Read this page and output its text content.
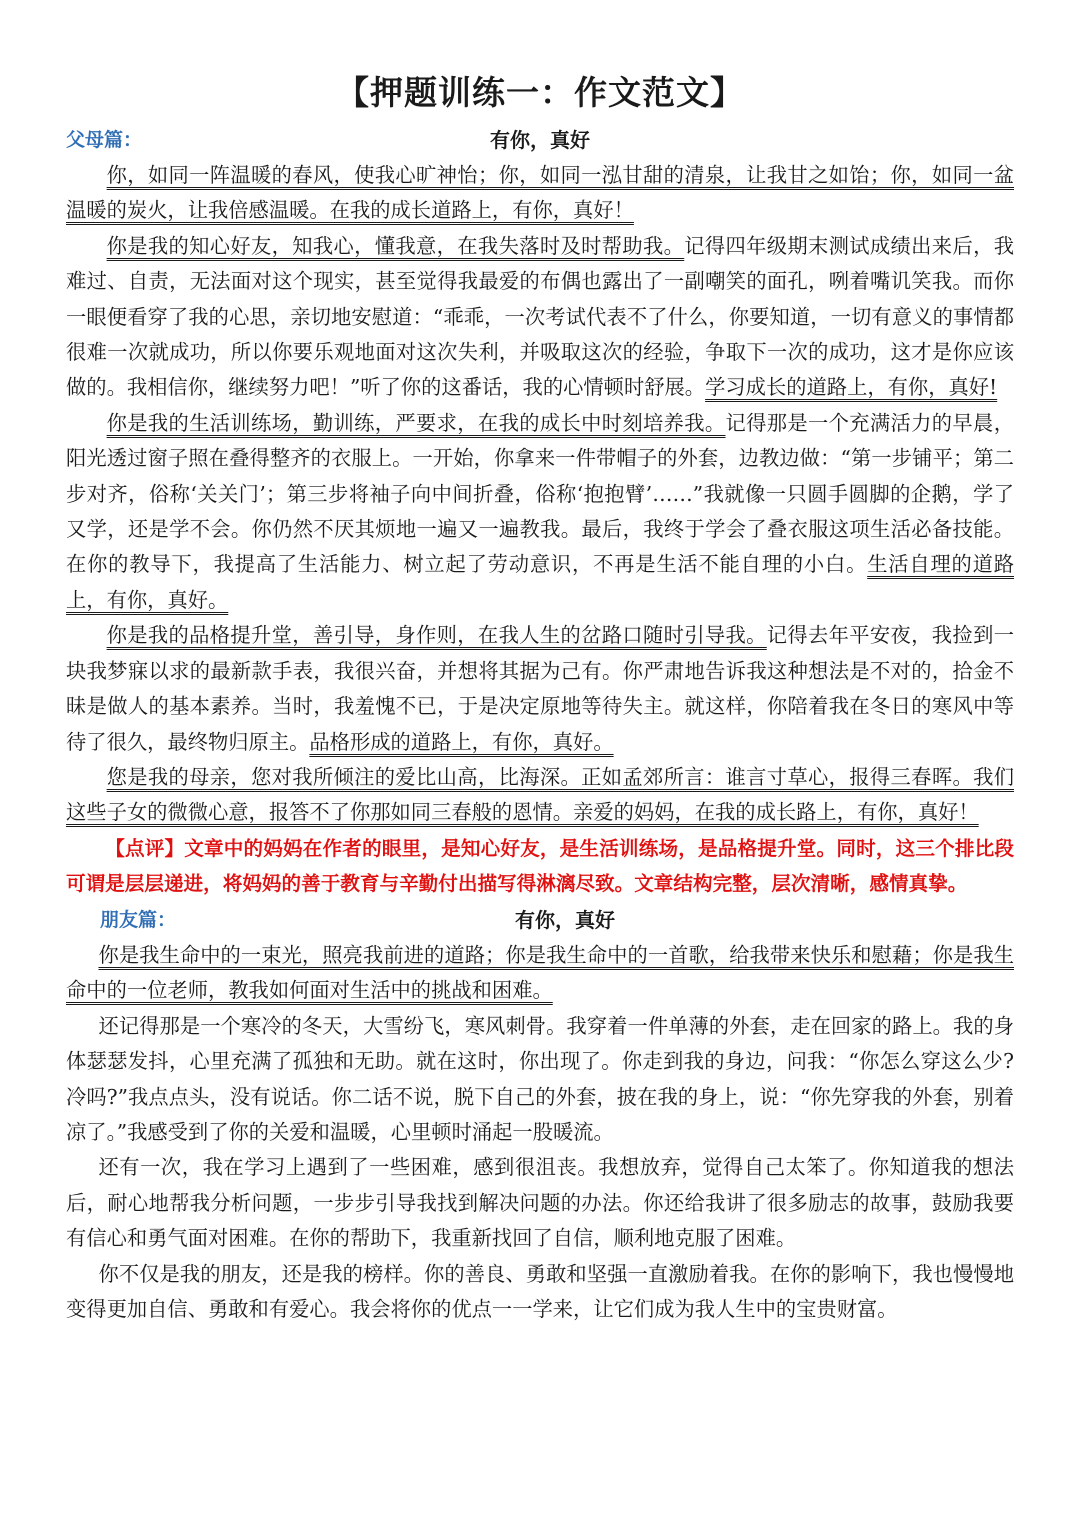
【押题训练一：作文范文】
父母篇：	有你，真好

你，如同一阵温暖的春风，使我心旷神怡；你，如同一泓甘甜的清泉，让我甘之如饴；你，如同一盆温暖的炭火，让我倍感温暖。在我的成长道路上，有你，真好！

你是我的知心好友，知我心，懂我意，在我失落时及时帮助我。记得四年级期末测试成绩出来后，我难过、自责，无法面对这个现实，甚至觉得我最爱的布偶也露出了一副嘲笑的面孔，咧着嘴讥笑我。而你一眼便看穿了我的心思，亲切地安慰道：“乖乖，一次考试代表不了什么，你要知道，一切有意义的事情都很难一次就成功，所以你要乐观地面对这次失利，并吸取这次的经验，争取下一次的成功，这才是你应该做的。我相信你，继续努力吧！”听了你的这番话，我的心情顿时舒展。学习成长的道路上，有你，真好!

你是我的生活训练场，勤训练，严要求，在我的成长中时刻培养我。记得那是一个充满活力的早晨，阳光透过窗子照在叠得整齐的衣服上。一开始，你拿来一件带帽子的外套，边教边做：“第一步铺平；第二步对齐，俗称‘关关门’；第三步将袖子向中间折叠，俗称‘抱抱臂’……”我就像一只圆手圆脚的企鹅，学了又学，还是学不会。你仍然不厌其烦地一遍又一遍教我。最后，我终于学会了叠衣服这项生活必备技能。在你的教导下，我提高了生活能力、树立起了劳动意识，不再是生活不能自理的小白。生活自理的道路上，有你，真好。

你是我的品格提升堂，善引导，身作则，在我人生的岔路口随时引导我。记得去年平安夜，我捡到一块我梦寐以求的最新款手表，我很兴奋，并想将其据为己有。你严肃地告诉我这种想法是不对的，拾金不昧是做人的基本素养。当时，我羞愧不已，于是决定原地等待失主。就这样，你陪着我在冬日的寒风中等待了很久，最终物归原主。品格形成的道路上，有你，真好。

您是我的母亲，您对我所倾注的爱比山高，比海深。正如孟郊所言：谁言寸草心，报得三春晖。我们这些子女的微微心意，报答不了你那如同三春般的恩情。亲爱的妈妈，在我的成长路上，有你，真好！

【点评】文章中的妈妈在作者的眼里，是知心好友，是生活训练场，是品格提升堂。同时，这三个排比段可谓是层层递进，将妈妈的善于教育与辛勤付出描写得淋漓尽致。文章结构完整，层次清晰，感情真挚。

朋友篇：	有你，真好

你是我生命中的一束光，照亮我前进的道路；你是我生命中的一首歌，给我带来快乐和慰藉；你是我生命中的一位老师，教我如何面对生活中的挑战和困难。

还记得那是一个寒冷的冬天，大雪纷飞，寒风刺骨。我穿着一件单薄的外套，走在回家的路上。我的身体瑟瑟发抖，心里充满了孤独和无助。就在这时，你出现了。你走到我的身边，问我：“你怎么穿这么少?冷吗?”我点点头，没有说话。你二话不说，脱下自己的外套，披在我的身上，说：“你先穿我的外套，别着凉了。”我感受到了你的关爱和温暖，心里顿时涌起一股暖流。

还有一次，我在学习上遇到了一些困难，感到很沮丧。我想放弃，觉得自己太笨了。你知道我的想法后，耐心地帮我分析问题，一步步引导我找到解决问题的办法。你还给我讲了很多励志的故事，鼓励我要有信心和勇气面对困难。在你的帮助下，我重新找回了自信，顺利地克服了困难。

你不仅是我的朋友，还是我的榜样。你的善良、勇敢和坚强一直激励着我。在你的影响下，我也慢慢地变得更加自信、勇敢和有爱心。我会将你的优点一一学来，让它们成为我人生中的宝贵财富。
